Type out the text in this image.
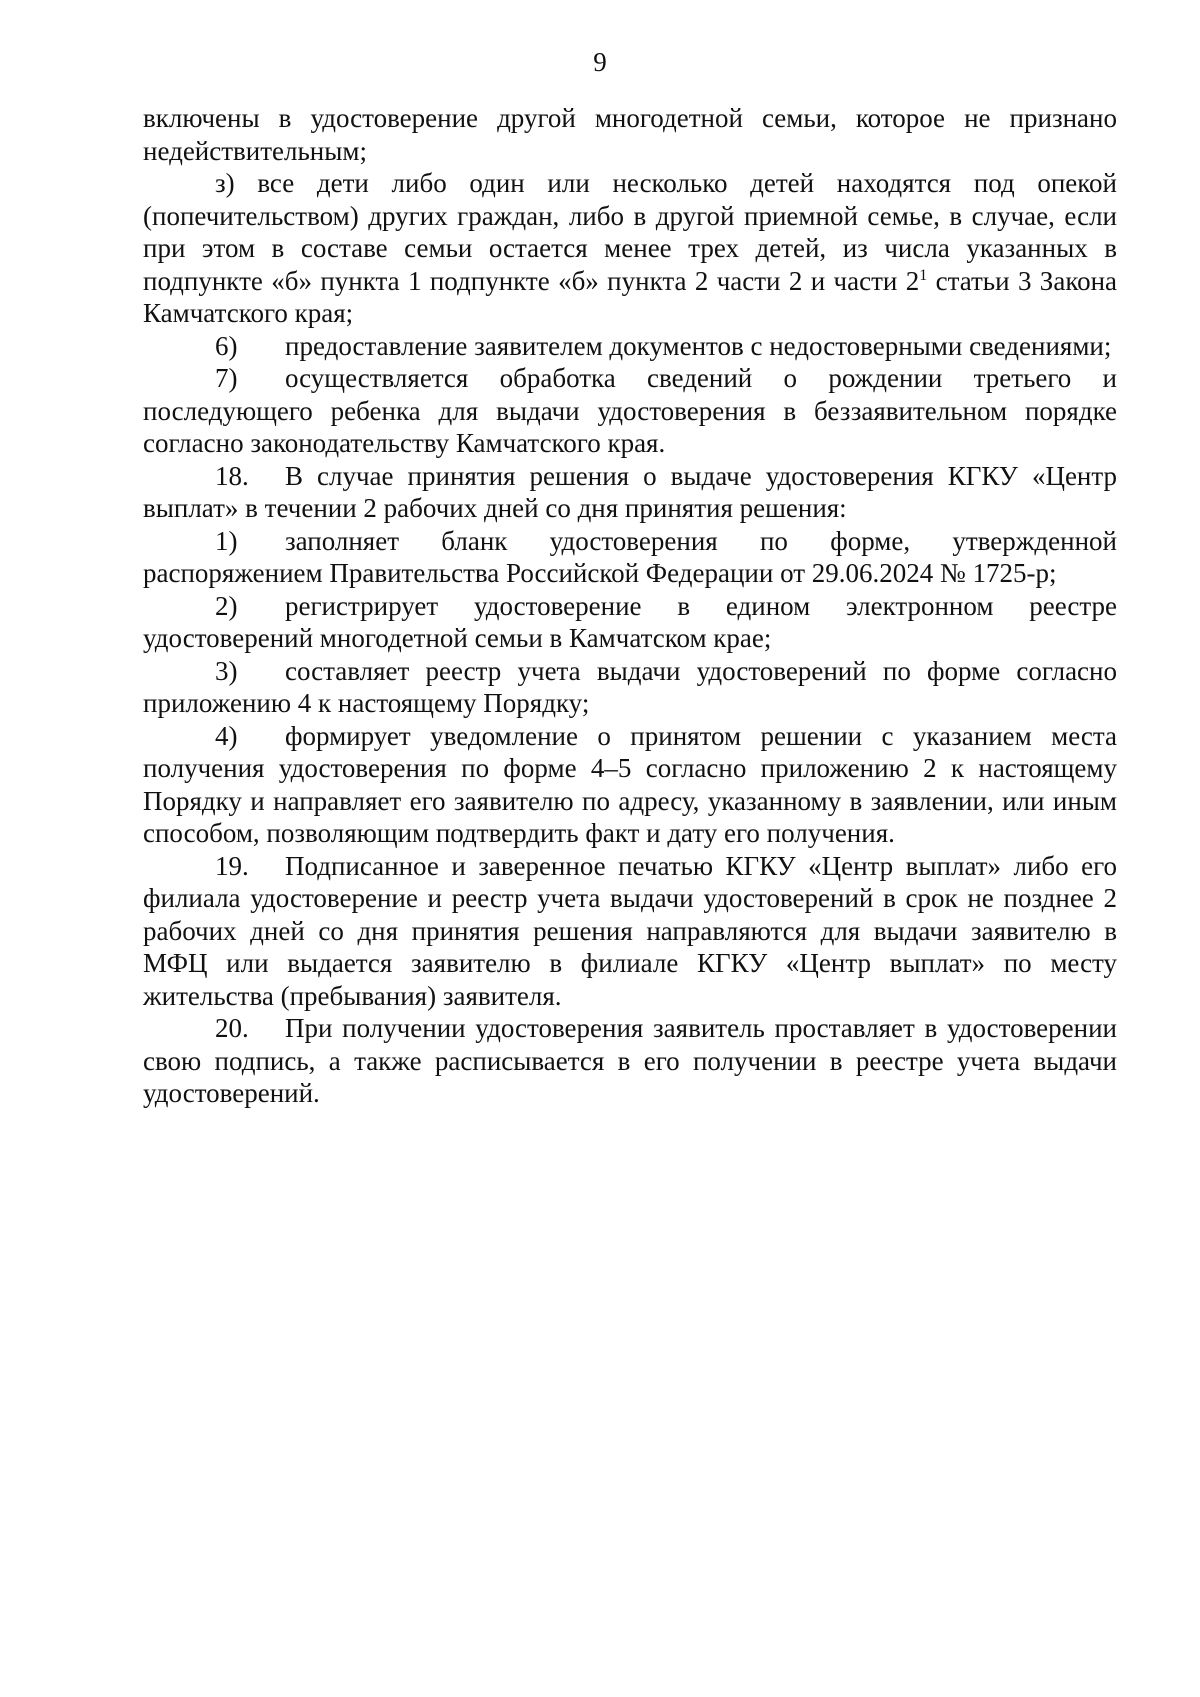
9

включены в удостоверение другой многодетной семьи, которое не признано недействительным;

з) все дети либо один или несколько детей находятся под опекой (попечительством) других граждан, либо в другой приемной семье, в случае, если при этом в составе семьи остается менее трех детей, из числа указанных в подпункте «б» пункта 1 подпункте «б» пункта 2 части 2 и части $2^1$ статьи 3 Закона Камчатского края;

6) предоставление заявителем документов с недостоверными сведениями;

7) осуществляется обработка сведений о рождении третьего и последующего ребенка для выдачи удостоверения в беззаявительном порядке согласно законодательству Камчатского края.

18. В случае принятия решения о выдаче удостоверения КГКУ «Центр выплат» в течении 2 рабочих дней со дня принятия решения:

1) заполняет бланк удостоверения по форме, утвержденной распоряжением Правительства Российской Федерации от 29.06.2024 № 1725-р;

2) регистрирует удостоверение в едином электронном реестре удостоверений многодетной семьи в Камчатском крае;

3) составляет реестр учета выдачи удостоверений по форме согласно приложению 4 к настоящему Порядку;

4) формирует уведомление о принятом решении с указанием места получения удостоверения по форме 4–5 согласно приложению 2 к настоящему Порядку и направляет его заявителю по адресу, указанному в заявлении, или иным способом, позволяющим подтвердить факт и дату его получения.

19. Подписанное и заверенное печатью КГКУ «Центр выплат» либо его филиала удостоверение и реестр учета выдачи удостоверений в срок не позднее 2 рабочих дней со дня принятия решения направляются для выдачи заявителю в МФЦ или выдается заявителю в филиале КГКУ «Центр выплат» по месту жительства (пребывания) заявителя.

20. При получении удостоверения заявитель проставляет в удостоверении свою подпись, а также расписывается в его получении в реестре учета выдачи удостоверений.
